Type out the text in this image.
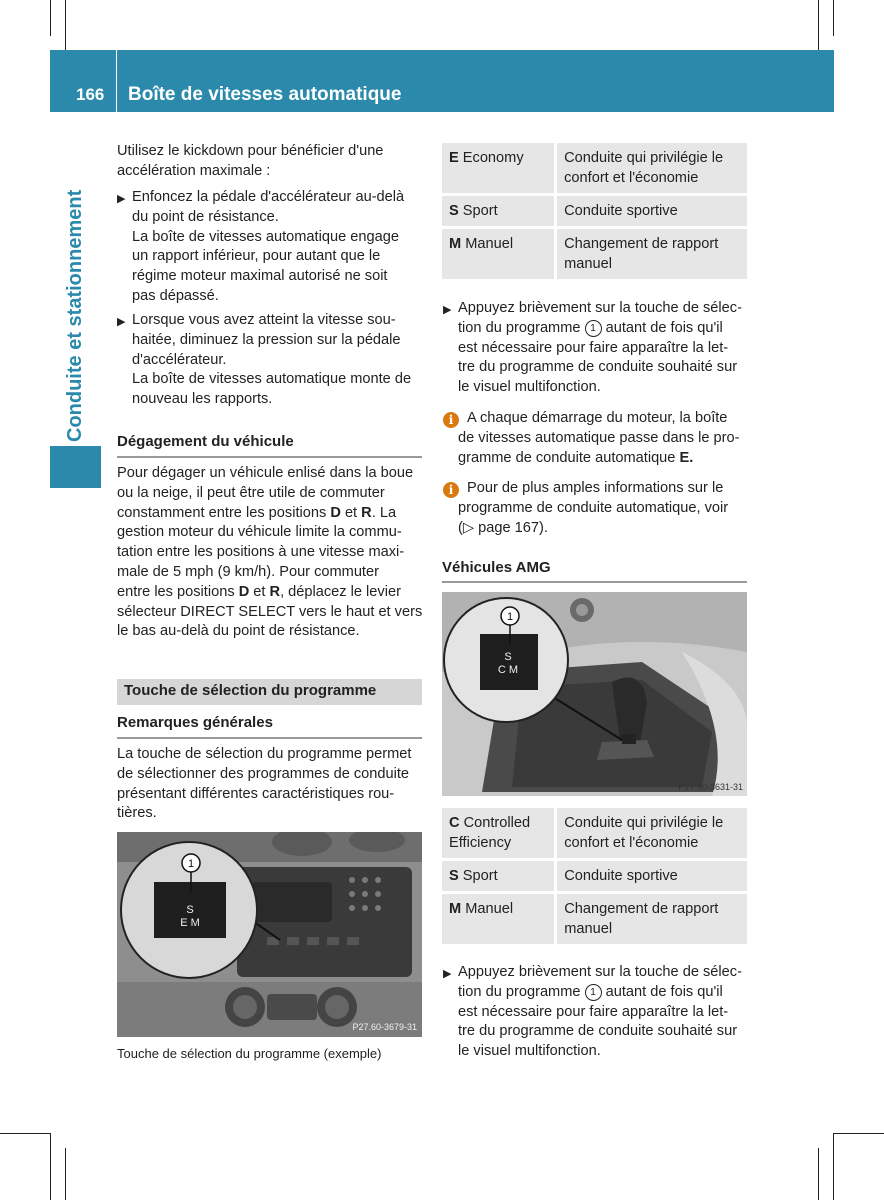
166 Boîte de vitesses automatique
Conduite et stationnement
Utilisez le kickdown pour bénéficier d'une accélération maximale :
▶ Enfoncez la pédale d'accélérateur au-delà
du point de résistance.
La boîte de vitesses automatique engage
un rapport inférieur, pour autant que le
régime moteur maximal autorisé ne soit
pas dépassé.
▶ Lorsque vous avez atteint la vitesse sou-
haitée, diminuez la pression sur la pédale
d'accélérateur.
La boîte de vitesses automatique monte de
nouveau les rapports.
Dégagement du véhicule
Pour dégager un véhicule enlisé dans la boue
ou la neige, il peut être utile de commuter
constamment entre les positions D et R. La
gestion moteur du véhicule limite la commu-
tation entre les positions à une vitesse maxi-
male de 5 mph (9 km/h). Pour commuter
entre les positions D et R, déplacez le levier
sélecteur DIRECT SELECT vers le haut et vers
le bas au-delà du point de résistance.
Touche de sélection du programme
Remarques générales
La touche de sélection du programme permet
de sélectionner des programmes de conduite
présentant différentes caractéristiques rou-
tières.
1
S
E M
P27.60-3679-31
Touche de sélection du programme (exemple)
E Economy	Conduite qui privilégie le confort et l'économie
S Sport	Conduite sportive
M Manuel	Changement de rapport manuel
▶ Appuyez brièvement sur la touche de sélec-
tion du programme 1 autant de fois qu'il
est nécessaire pour faire apparaître la let-
tre du programme de conduite souhaité sur
le visuel multifonction.
i A chaque démarrage du moteur, la boîte
de vitesses automatique passe dans le pro-
gramme de conduite automatique E.
i Pour de plus amples informations sur le
programme de conduite automatique, voir
(▷ page 167).
Véhicules AMG
1
S
C M
P27.60-3631-31
C Controlled Efficiency	Conduite qui privilégie le confort et l'économie
S Sport	Conduite sportive
M Manuel	Changement de rapport manuel
▶ Appuyez brièvement sur la touche de sélec-
tion du programme 1 autant de fois qu'il
est nécessaire pour faire apparaître la let-
tre du programme de conduite souhaité sur
le visuel multifonction.
